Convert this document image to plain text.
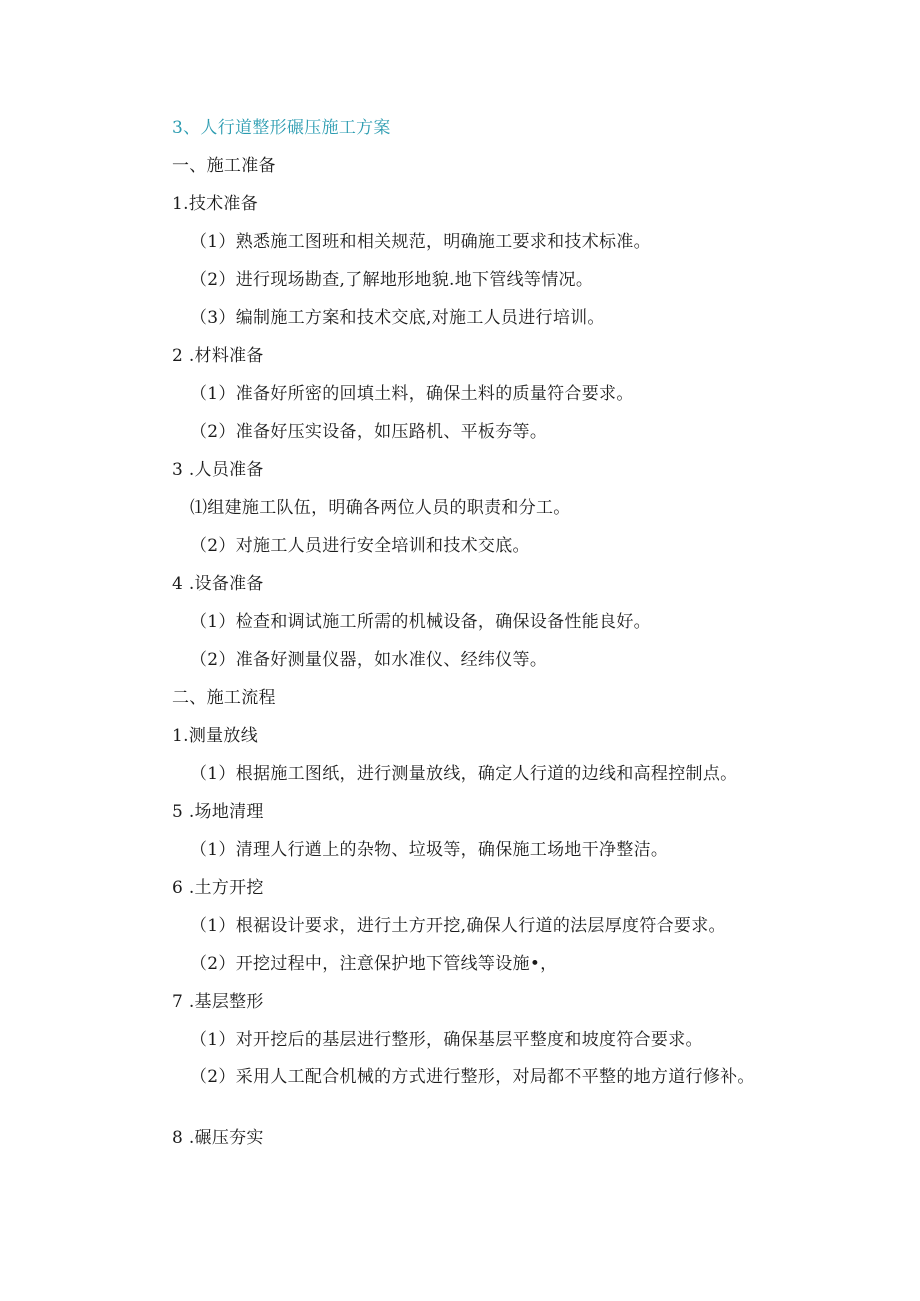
3、人行道整形碾压施工方案
一、施工准备
1.技术准备
（1）熟悉施工图班和相关规范，明确施工要求和技术标准。
（2）进行现场勘查,了解地形地貌.地下管线等情况。
（3）编制施工方案和技术交底,对施工人员进行培训。
2 .材料准备
（1）准备好所密的回填土料，确保土料的质量符合要求。
（2）准备好压实设备，如压路机、平板夯等。
3 .人员准备
⑴组建施工队伍，明确各两位人员的职责和分工。
（2）对施工人员进行安全培训和技术交底。
4 .设备准备
（1）检查和调试施工所需的机械设备，确保设备性能良好。
（2）准备好测量仪器，如水准仪、经纬仪等。
二、施工流程
1.测量放线
（1）根据施工图纸，进行测量放线，确定人行道的边线和高程控制点。
5 .场地清理
（1）清理人行遒上的杂物、垃圾等，确保施工场地干净整洁。
6 .土方开挖
（1）根裾设计要求，进行土方开挖,确保人行道的法层厚度符合要求。
（2）开挖过程中，注意保护地下管线等设施•，
7 .基层整形
（1）对开挖后的基层进行整形，确保基层平整度和坡度符合要求。
（2）采用人工配合机械的方式进行整形，对局都不平整的地方道行修补。
8 .碾压夯实
